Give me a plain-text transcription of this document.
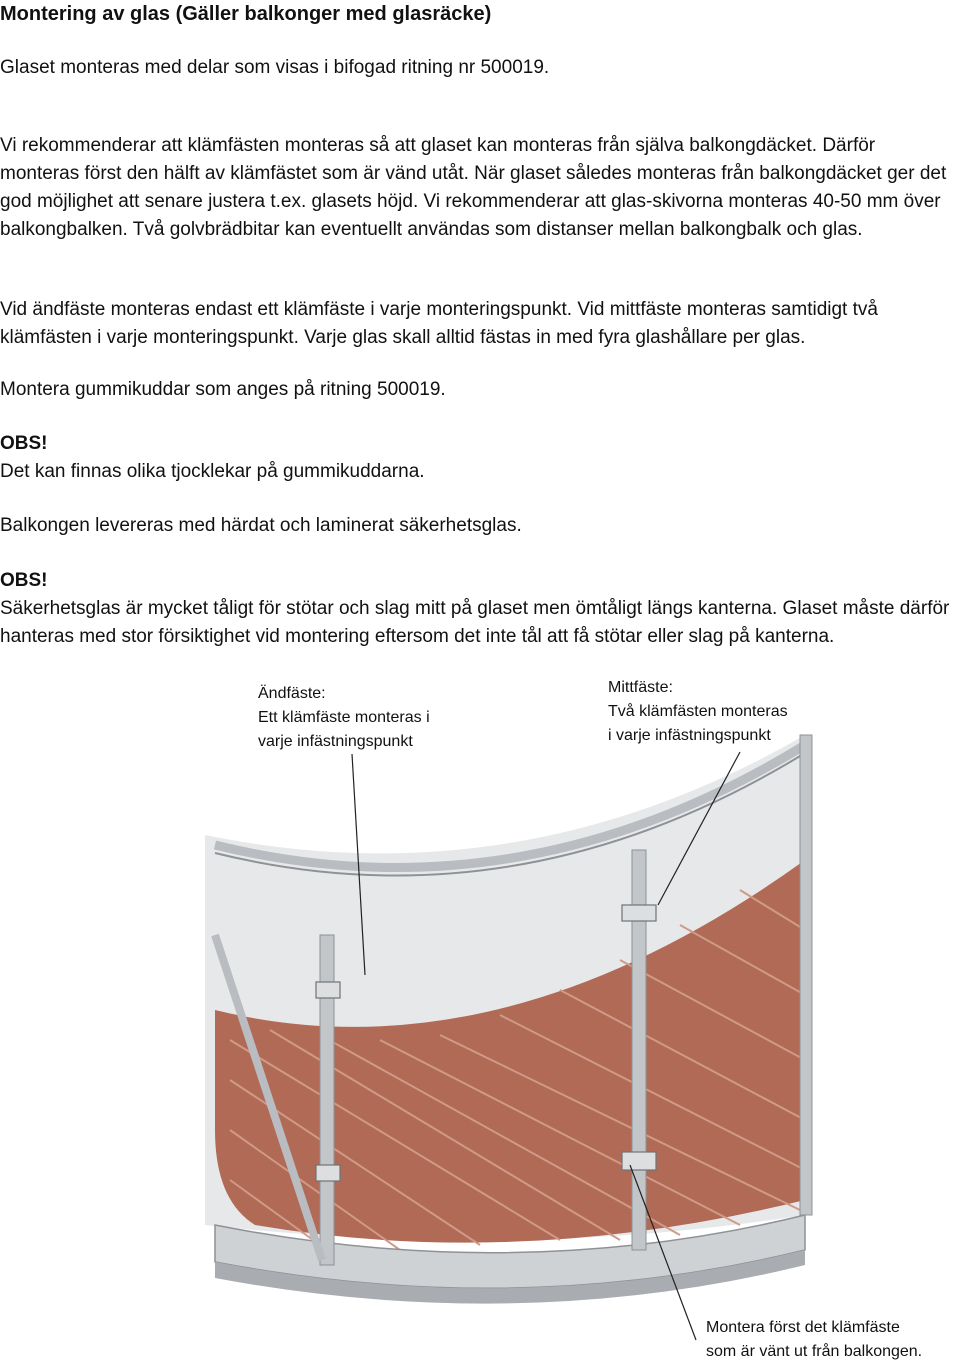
Montering av glas (Gäller balkonger med glasräcke)
Glaset monteras med delar som visas i bifogad ritning nr 500019.
Vi rekommenderar att klämfästen monteras så att glaset kan monteras från själva balkongdäcket. Därför monteras först den hälft av klämfästet som är vänd utåt. När glaset således monteras från balkongdäcket ger det god möjlighet att senare justera t.ex. glasets höjd. Vi rekommenderar att glas-skivorna monteras 40-50 mm över balkongbalken. Två golvbrädbitar kan eventuellt användas som distanser mellan balkongbalk och glas.
Vid ändfäste monteras endast ett klämfäste i varje monteringspunkt. Vid mittfäste monteras samtidigt två klämfästen i varje monteringspunkt. Varje glas skall alltid fästas in med fyra glashållare per glas.
Montera gummikuddar som anges på ritning 500019.
OBS!
Det kan finnas olika tjocklekar på gummikuddarna.
Balkongen levereras med härdat och laminerat säkerhetsglas.
OBS!
Säkerhetsglas är mycket tåligt för stötar och slag mitt på glaset men ömtåligt längs kanterna. Glaset måste därför hanteras med stor försiktighet vid montering eftersom det inte tål att få stötar eller slag på kanterna.
Ändfäste:
Ett klämfäste monteras i
varje infästningspunkt
Mittfäste:
Två klämfästen monteras
i varje infästningspunkt
Montera först det klämfäste
som är vänt ut från balkongen.
